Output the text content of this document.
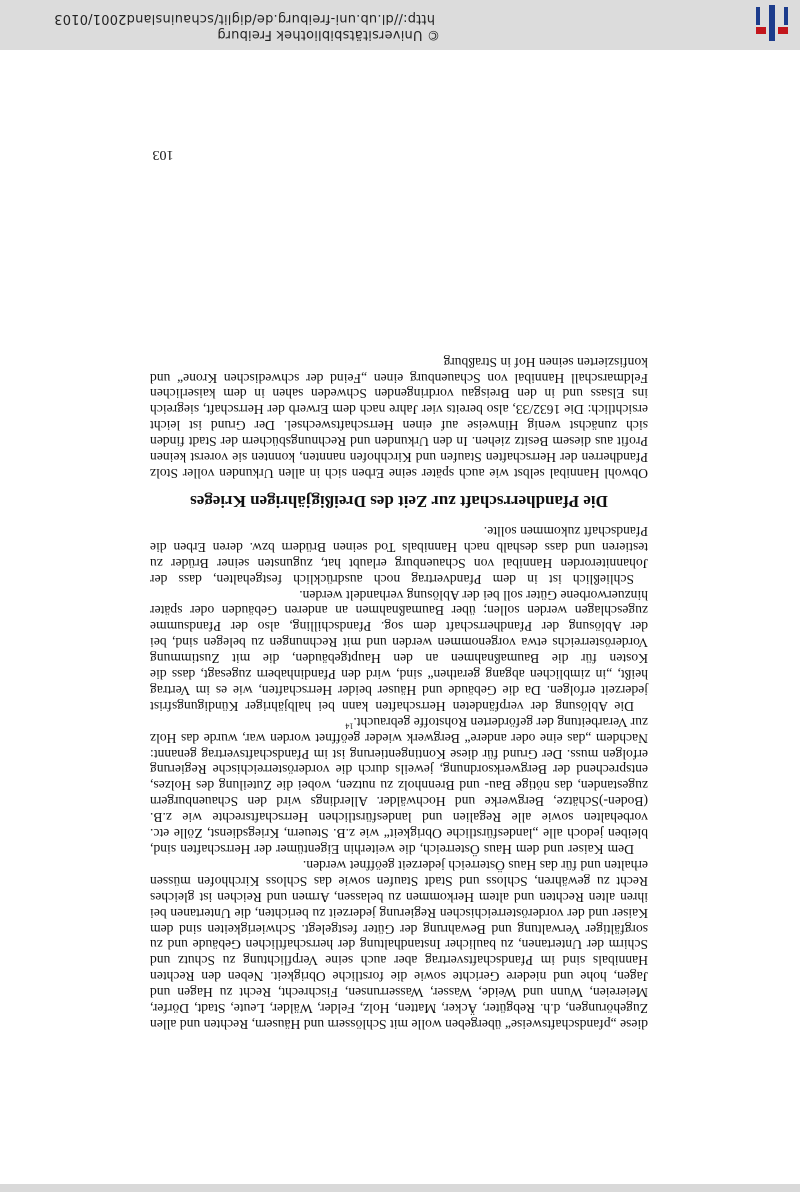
diese „pfandschaftsweise“ übergeben wolle mit Schlössern und Häusern, Rechten und allen Zugehörungen, d.h. Rebgüter, Äcker, Matten, Holz, Felder, Wälder, Leute, Stadt, Dörfer, Meiereien, Wunn und Weide, Wasser, Wasserrunsen, Fischrecht, Recht zu Hagen und Jagen, hohe und niedere Gerichte sowie die forstliche Obrigkeit. Neben den Rechten Hannibals sind im Pfandschaftsvertrag aber auch seine Verpflichtung zu Schutz und Schirm der Untertanen, zu baulicher Instandhaltung der herrschaftlichen Gebäude und zu sorgfältiger Verwaltung und Bewahrung der Güter festgelegt. Schwierigkeiten sind dem Kaiser und der vorderösterreichischen Regierung jederzeit zu berichten, die Untertanen bei ihren alten Rechten und altem Herkommen zu belassen, Armen und Reichen ist gleiches Recht zu gewähren, Schloss und Stadt Staufen sowie das Schloss Kirchhofen müssen erhalten und für das Haus Österreich jederzeit geöffnet werden.

Dem Kaiser und dem Haus Österreich, die weiterhin Eigentümer der Herrschaften sind, bleiben jedoch alle „landesfürstliche Obrigkeit“ wie z.B. Steuern, Kriegsdienst, Zölle etc. vorbehalten sowie alle Regalien und landesfürstlichen Herrschaftsrechte wie z.B. (Boden-)Schätze, Bergwerke und Hochwälder. Allerdings wird den Schauenburgern zugestanden, das nötige Bau- und Brennholz zu nutzen, wobei die Zuteilung des Holzes, entsprechend der Bergwerksordnung, jeweils durch die vorderösterreichische Regierung erfolgen muss. Der Grund für diese Kontingentierung ist im Pfandschaftsvertrag genannt: Nachdem „das eine oder andere“ Bergwerk wieder geöffnet worden war, wurde das Holz zur Verarbeitung der geförderten Rohstoffe gebraucht.$^{14}$

Die Ablösung der verpfändeten Herrschaften kann bei halbjähriger Kündigungsfrist jederzeit erfolgen. Da die Gebäude und Häuser beider Herrschaften, wie es im Vertrag heißt, „in zimblichen abgang gerathen“ sind, wird den Pfandinhabern zugesagt, dass die Kosten für die Baumaßnahmen an den Hauptgebäuden, die mit Zustimmung Vorderösterreichs etwa vorgenommen werden und mit Rechnungen zu belegen sind, bei der Ablösung der Pfandherrschaft dem sog. Pfandschilling, also der Pfandsumme zugeschlagen werden sollen; über Baumaßnahmen an anderen Gebäuden oder später hinzuerworbene Güter soll bei der Ablösung verhandelt werden.

Schließlich ist in dem Pfandvertrag noch ausdrücklich festgehalten, dass der Johanniterorden Hannibal von Schauenburg erlaubt hat, zugunsten seiner Brüder zu testieren und dass deshalb nach Hannibals Tod seinen Brüdern bzw. deren Erben die Pfandschaft zukommen sollte.

Die Pfandherrschaft zur Zeit des Dreißigjährigen Krieges

Obwohl Hannibal selbst wie auch später seine Erben sich in allen Urkunden voller Stolz Pfandherren der Herrschaften Staufen und Kirchhofen nannten, konnten sie vorerst keinen Profit aus diesem Besitz ziehen. In den Urkunden und Rechnungsbüchern der Stadt finden sich zunächst wenig Hinweise auf einen Herrschaftswechsel. Der Grund ist leicht ersichtlich: Die 1632/33, also bereits vier Jahre nach dem Erwerb der Herrschaft, siegreich ins Elsass und in den Breisgau vordringenden Schweden sahen in dem kaiserlichen Feldmarschall Hannibal von Schauenburg einen „Feind der schwedischen Krone“ und konfiszierten seinen Hof in Straßburg

103
© Universitätsbibliothek Freiburg
http://dl.ub.uni-freiburg.de/diglit/schauinsland2001/0103
